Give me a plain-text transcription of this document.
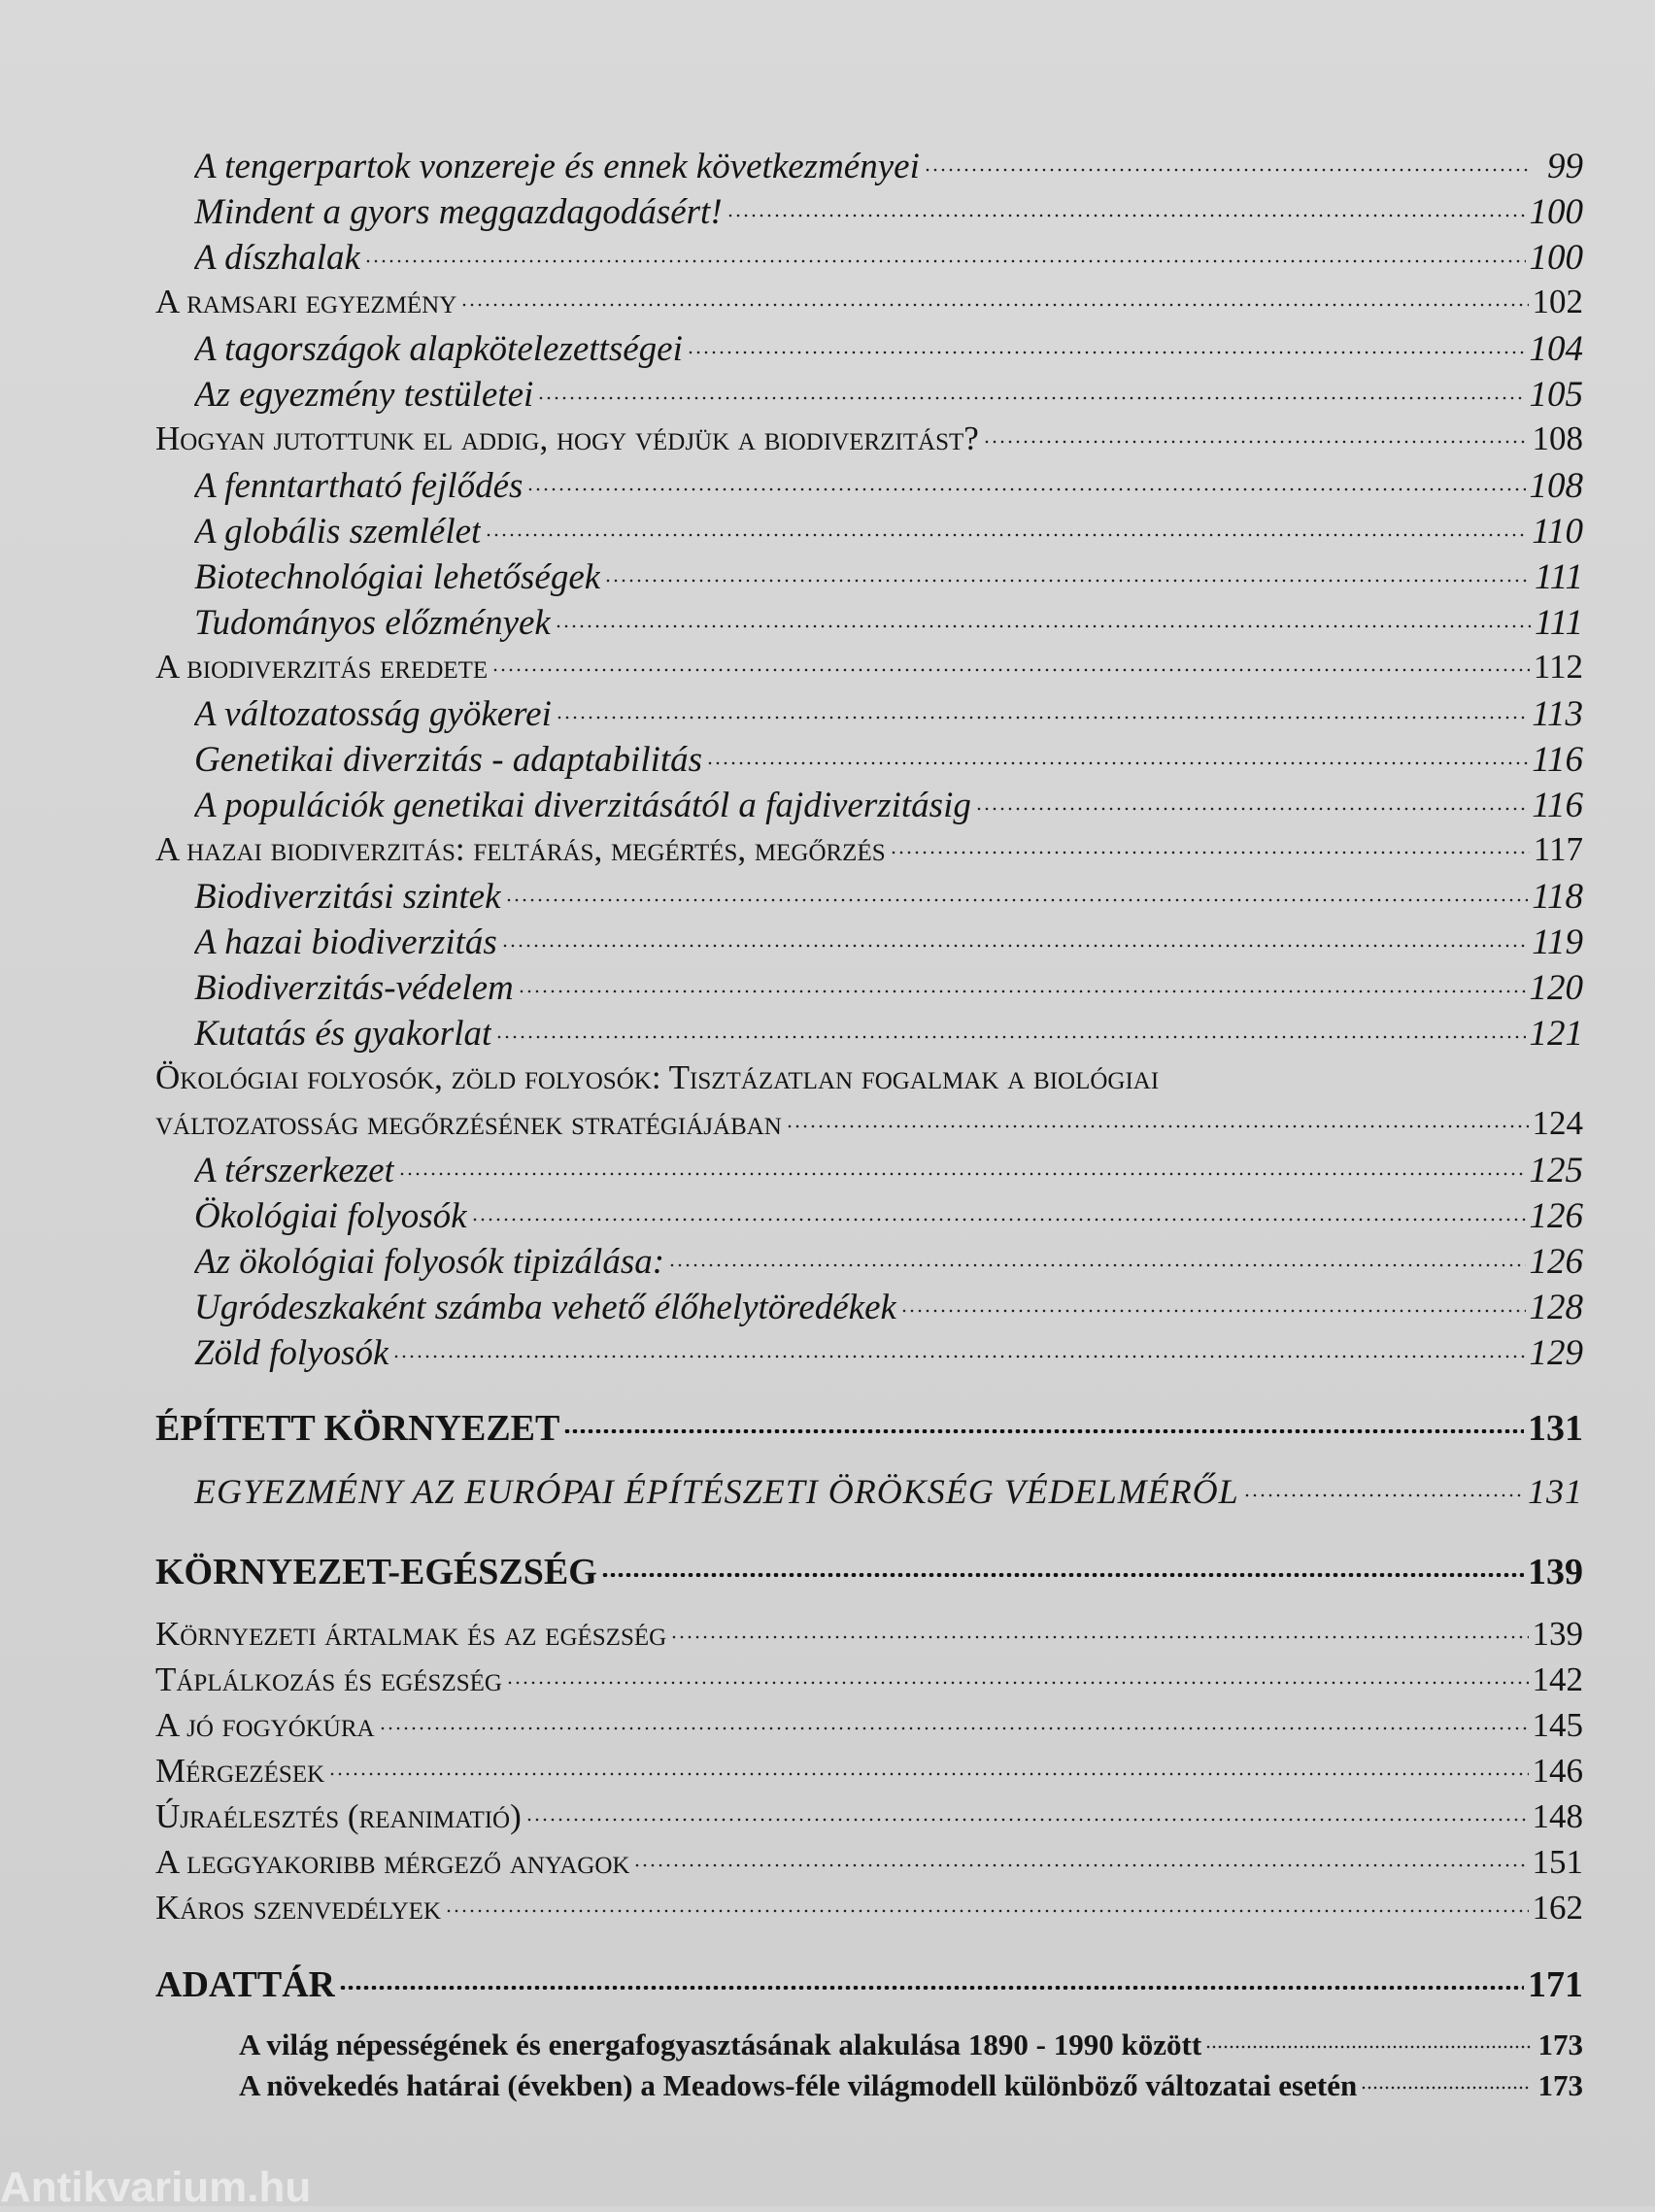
A tengerpartok vonzereje és ennek következményei	99
Mindent a gyors meggazdagodásért!	100
A díszhalak	100
A ramsari egyezmény	102
A tagországok alapkötelezettségei	104
Az egyezmény testületei	105
Hogyan jutottunk el addig, hogy védjük a biodiverzitást?	108
A fenntartható fejlődés	108
A globális szemlélet	110
Biotechnológiai lehetőségek	111
Tudományos előzmények	111
A biodiverzitás eredete	112
A változatosság gyökerei	113
Genetikai diverzitás - adaptabilitás	116
A populációk genetikai diverzitásától a fajdiverzitásig	116
A hazai biodiverzitás: feltárás, megértés, megőrzés	117
Biodiverzitási szintek	118
A hazai biodiverzitás	119
Biodiverzitás-védelem	120
Kutatás és gyakorlat	121
Ökológiai folyosók, zöld folyosók: Tisztázatlan fogalmak a biológiai
változatosság megőrzésének stratégiájában	124
A térszerkezet	125
Ökológiai folyosók	126
Az ökológiai folyosók tipizálása:	126
Ugródeszkaként számba vehető élőhelytöredékek	128
Zöld folyosók	129
ÉPÍTETT KÖRNYEZET	131
EGYEZMÉNY AZ EURÓPAI ÉPÍTÉSZETI ÖRÖKSÉG VÉDELMÉRŐL	131
KÖRNYEZET-EGÉSZSÉG	139
Környezeti ártalmak és az egészség	139
Táplálkozás és egészség	142
A jó fogyókúra	145
Mérgezések	146
Újraélesztés (reanimatió)	148
A leggyakoribb mérgező anyagok	151
Káros szenvedélyek	162
ADATTÁR	171
A világ népességének és energafogyasztásának alakulása 1890 - 1990 között	173
A növekedés határai (években) a Meadows-féle világmodell különböző változatai esetén	173
Antikvarium.hu
